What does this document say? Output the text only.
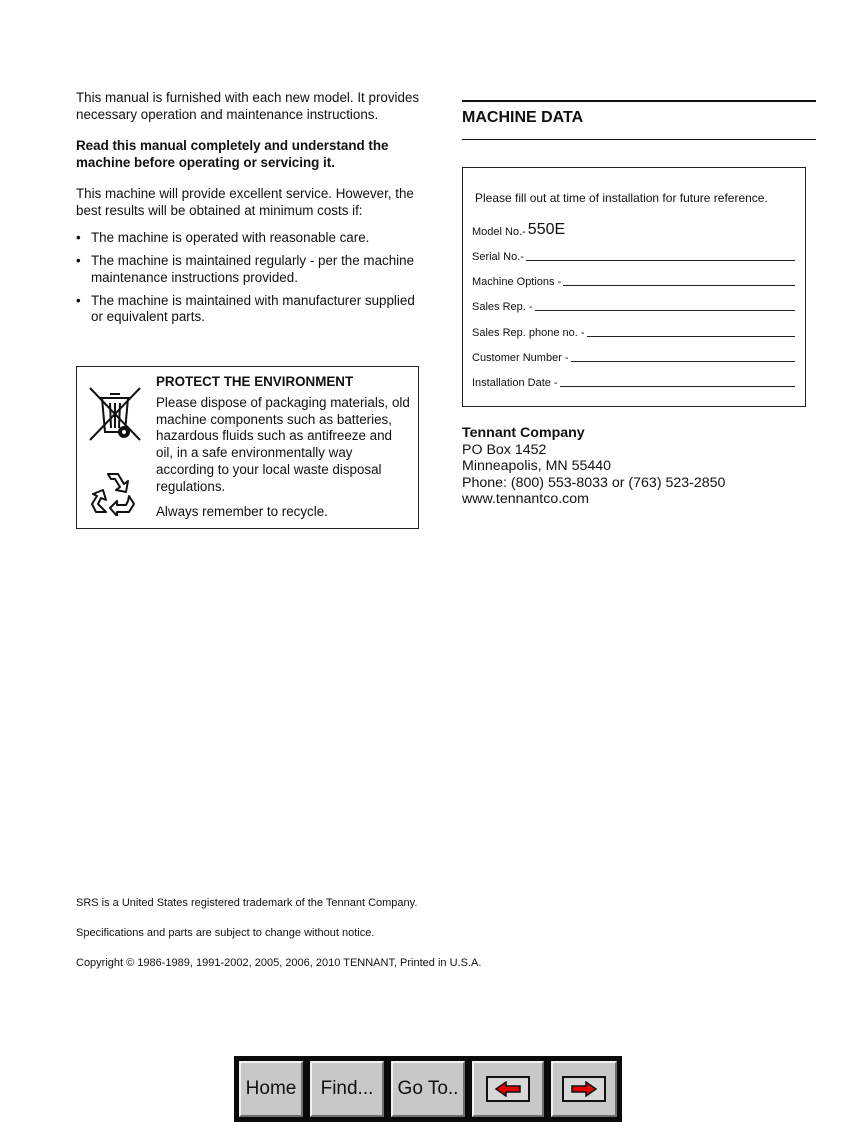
This manual is furnished with each new model. It provides necessary operation and maintenance instructions.

Read this manual completely and understand the machine before operating or servicing it.

This machine will provide excellent service. However, the best results will be obtained at minimum costs if:

• The machine is operated with reasonable care.
• The machine is maintained regularly - per the machine maintenance instructions provided.
• The machine is maintained with manufacturer supplied or equivalent parts.

PROTECT THE ENVIRONMENT

Please dispose of packaging materials, old machine components such as batteries, hazardous fluids such as antifreeze and oil, in a safe environmentally way according to your local waste disposal regulations.

Always remember to recycle.

MACHINE DATA

Please fill out at time of installation for future reference.

Model No.- 550E
Serial No.-
Machine Options -
Sales Rep. -
Sales Rep. phone no. -
Customer Number -
Installation Date -

Tennant Company

PO Box 1452

Minneapolis, MN 55440

Phone: (800) 553-8033 or (763) 523-2850

www.tennantco.com

SRS is a United States registered trademark of the Tennant Company.

Specifications and parts are subject to change without notice.

Copyright © 1986-1989, 1991-2002, 2005, 2006, 2010 TENNANT, Printed in U.S.A.

Home Find... Go To..
